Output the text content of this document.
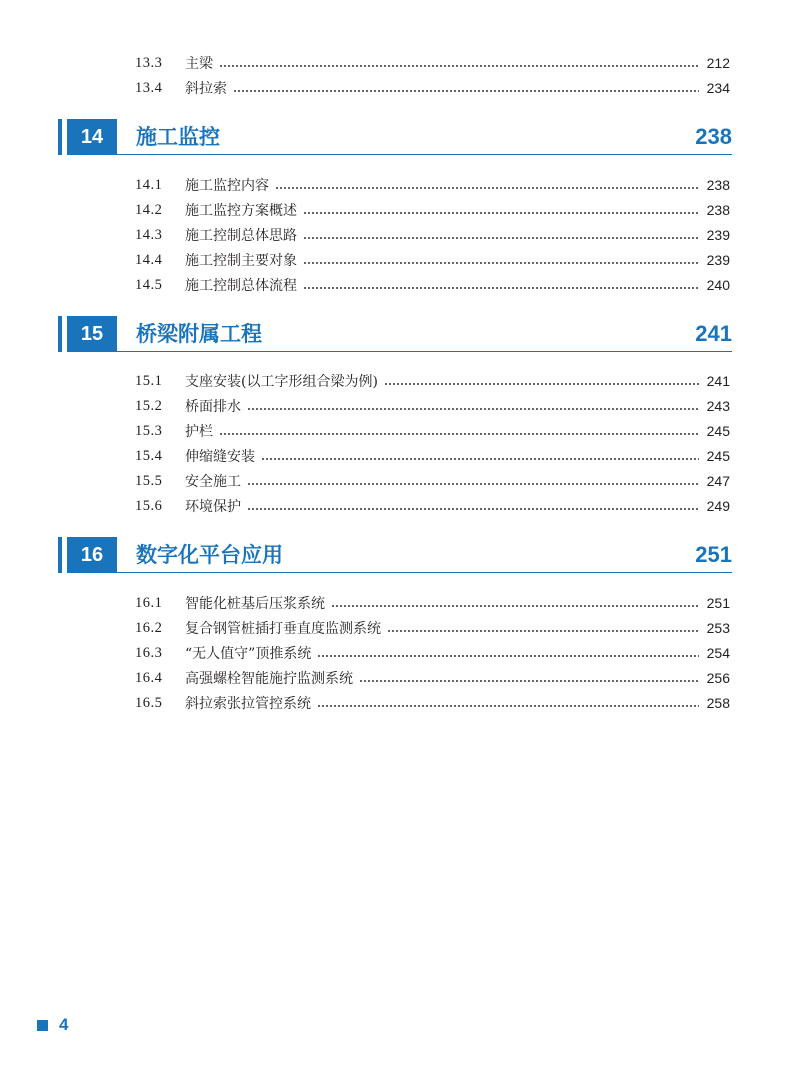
13.3	主梁	212
13.4	斜拉索	234
14	施工监控	238
14.1	施工监控内容	238
14.2	施工监控方案概述	238
14.3	施工控制总体思路	239
14.4	施工控制主要对象	239
14.5	施工控制总体流程	240
15	桥梁附属工程	241
15.1	支座安装(以工字形组合梁为例)	241
15.2	桥面排水	243
15.3	护栏	245
15.4	伸缩缝安装	245
15.5	安全施工	247
15.6	环境保护	249
16	数字化平台应用	251
16.1	智能化桩基后压浆系统	251
16.2	复合钢管桩插打垂直度监测系统	253
16.3	“无人值守”顶推系统	254
16.4	高强螺栓智能施拧监测系统	256
16.5	斜拉索张拉管控系统	258
4
